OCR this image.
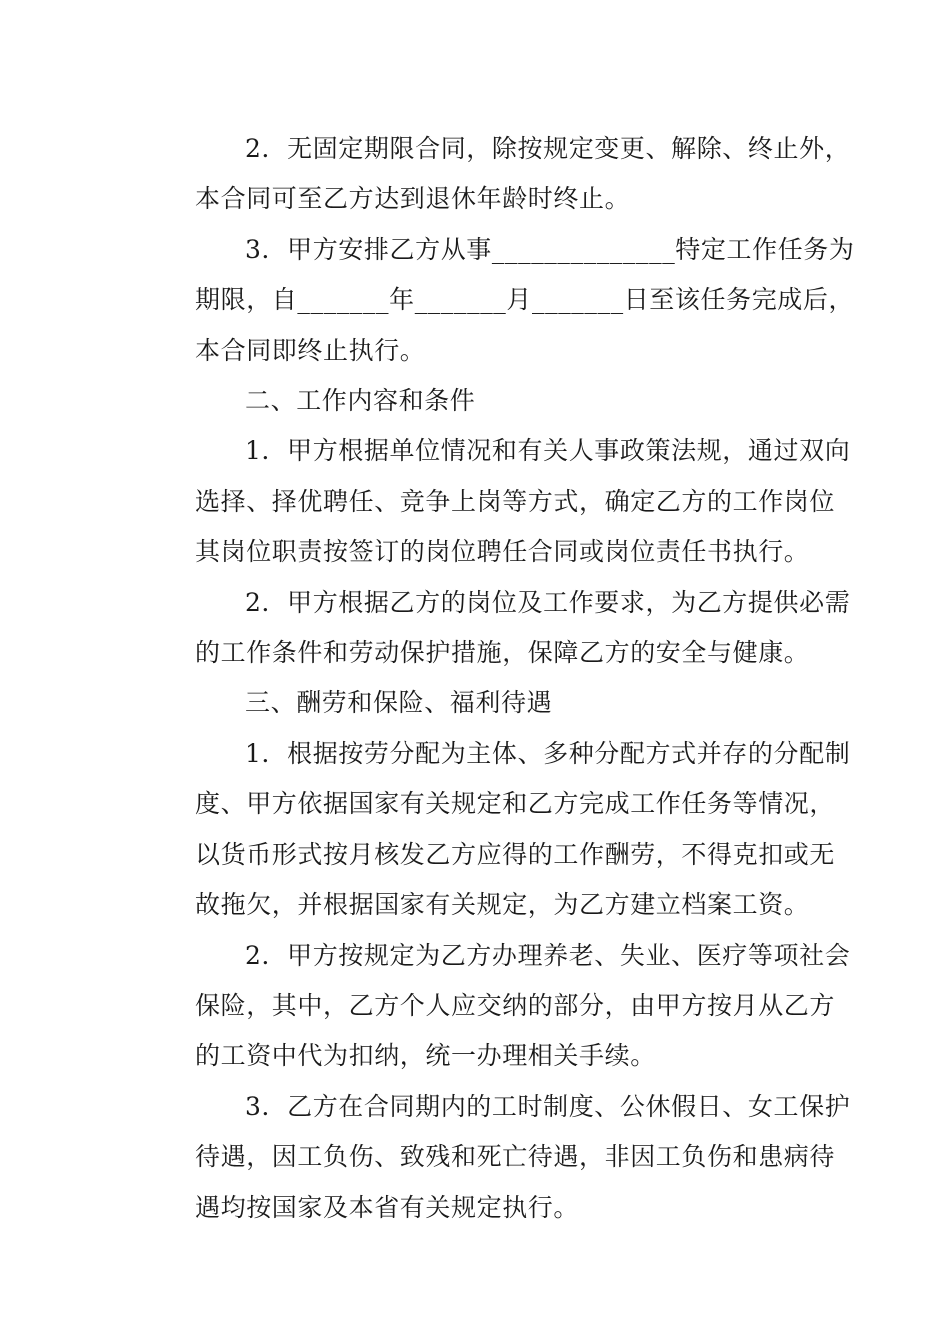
2．无固定期限合同，除按规定变更、解除、终止外，
本合同可至乙方达到退休年龄时终止。
3．甲方安排乙方从事______________特定工作任务为
期限，自_______年_______月_______日至该任务完成后，
本合同即终止执行。
二、工作内容和条件
1．甲方根据单位情况和有关人事政策法规，通过双向
选择、择优聘任、竞争上岗等方式，确定乙方的工作岗位
其岗位职责按签订的岗位聘任合同或岗位责任书执行。
2．甲方根据乙方的岗位及工作要求，为乙方提供必需
的工作条件和劳动保护措施，保障乙方的安全与健康。
三、酬劳和保险、福利待遇
1．根据按劳分配为主体、多种分配方式并存的分配制
度、甲方依据国家有关规定和乙方完成工作任务等情况，
以货币形式按月核发乙方应得的工作酬劳，不得克扣或无
故拖欠，并根据国家有关规定，为乙方建立档案工资。
2．甲方按规定为乙方办理养老、失业、医疗等项社会
保险，其中，乙方个人应交纳的部分，由甲方按月从乙方
的工资中代为扣纳，统一办理相关手续。
3．乙方在合同期内的工时制度、公休假日、女工保护
待遇，因工负伤、致残和死亡待遇，非因工负伤和患病待
遇均按国家及本省有关规定执行。
